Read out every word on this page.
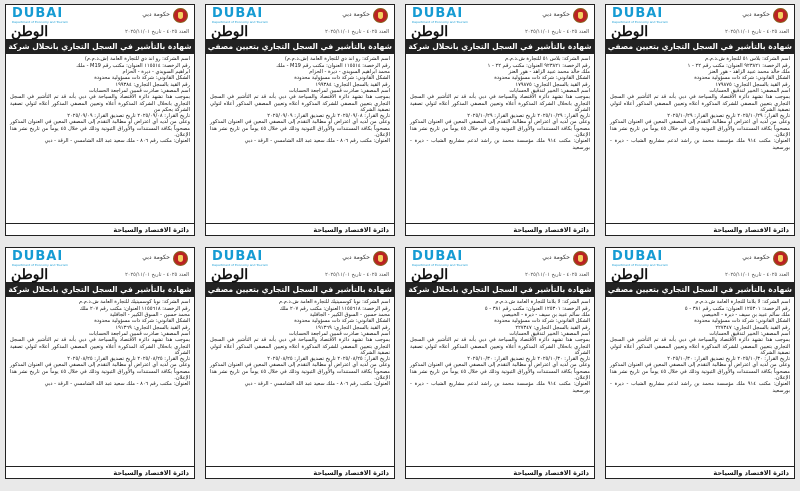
DUBAI
Department of Economy and Tourism
حكومة دبي
العدد ٤٠٢٥ - تاريخ ٢٠٢٥/١١/٠١
الوطن
شهادة بالتأشير في السجل التجاري بانحلال شركة

اسم الشركة: رو اند دي للتجارة العامة (ش.ذ.م.م)

رقم الرخصة: ١١٥٥١٤ العنوان: مكتب رقم M19 - ملك

ابراهيم السويدي - ديرة - الحزام

الشكل القانوني: شركة ذات مسؤولية محدودة

رقم القيد بالسجل التجاري: ١٩٩٣٨٤

اسم المصفي: صادرت قمبين لمراجعة الحسابات

بموجب هذا تشهد دائرة الاقتصاد والسياحة في دبي بأنه قد تم التأشير في السجل التجاري بانحلال الشركة المذكورة أعلاه وتعيين المصفي المذكور أعلاه لتولي تصفية الشركة بحكم من

تاريخ القرار: ٢٠٢٥/٠٩/٠٨ تاريخ تصديق القرار: ٢٠٢٥/٠٩/٠٩

وعلى من لديه أي اعتراض أو مطالبة التقدم إلى المصفي المعين في العنوان المذكور مصحوباً بكافة المستندات والأوراق الثبوتية وذلك في خلال ٤٥ يوماً من تاريخ نشر هذا الإعلان.

العنوان: مكتب رقم ٨٠٦ - ملك سعيد عبد الله الشامسي - الرقة - دبي

دائرة الاقتصاد والسياحة
DUBAI
Department of Economy and Tourism
حكومة دبي
العدد ٤٠٢٥ - تاريخ ٢٠٢٥/١١/٠١
الوطن
شهادة بالتأشير في السجل التجاري بتعيين مصفي

اسم الشركة: رو اند دي للتجارة العامة (ش.ذ.م.م)

رقم الرخصة: ١١٥٥١٤ العنوان: مكتب رقم M19 - ملك

محمد ابراهيم السويدي - ديرة - الحزام

الشكل القانوني: شركة ذات مسؤولية محدودة

رقم القيد بالسجل التجاري: ١٩٩٣٨٤

اسم المصفي: صادرت قمبين لمراجعة الحسابات

بموجب هذا تشهد دائرة الاقتصاد والسياحة في دبي بأنه قد تم التأشير في السجل التجاري بتعيين المصفي للشركة المذكورة أعلاه وتعيين المصفي المذكور أعلاه لتولي تصفية الشركة

تاريخ القرار: ٢٠٢٥/٠٩/٠٨ تاريخ تصديق القرار: ٢٠٢٥/٠٩/٠٩

وعلى من لديه أي اعتراض أو مطالبة التقدم إلى المصفي المعين في العنوان المذكور مصحوباً بكافة المستندات والأوراق الثبوتية وذلك في خلال ٤٥ يوماً من تاريخ نشر هذا الإعلان.

العنوان: مكتب رقم ٨٠٦ - ملك سعيد عبد الله الشامسي - الرقة - دبي

دائرة الاقتصاد والسياحة
DUBAI
Department of Economy and Tourism
حكومة دبي
العدد ٤٠٢٥ - تاريخ ٢٠٢٥/١١/٠١
الوطن
شهادة بالتأشير في السجل التجاري بانحلال شركة

اسم الشركة: بلاس ٥١ للتجارة ش.ذ.م.م

رقم الرخصة: ٩٢٣٨٢١ العنوان: مكتب رقم ٢٢ - ١

ملك خالد محمد عبيد الزاهد - هور العنز

الشكل القانوني: شركة ذات مسؤولية محدودة

رقم القيد بالسجل التجاري: ١٧٩٨٧٥

اسم المصفي: الخبير لتدقيق الحسابات

بموجب هذا تشهد دائرة الاقتصاد والسياحة في دبي بأنه قد تم التأشير في السجل التجاري بانحلال الشركة المذكورة أعلاه وتعيين المصفي المذكور أعلاه لتولي تصفية الشركة

تاريخ القرار: ٢٠٢٥/١٠/٢٩ تاريخ تصديق القرار: ٢٠٢٥/١٠/٢٩

وعلى من لديه أي اعتراض أو مطالبة التقدم إلى المصفي المعين في العنوان المذكور مصحوباً بكافة المستندات والأوراق الثبوتية وذلك في خلال ٤٥ يوماً من تاريخ نشر هذا الإعلان.

العنوان: مكتب ٩١٤ ملك مؤسسة محمد بن راشد لدعم مشاريع الشباب - ديرة - بورسعيد

دائرة الاقتصاد والسياحة
DUBAI
Department of Economy and Tourism
حكومة دبي
العدد ٤٠٢٥ - تاريخ ٢٠٢٥/١١/٠١
الوطن
شهادة بالتأشير في السجل التجاري بتعيين مصفي

اسم الشركة: بلاس ٥١ للتجارة ش.ذ.م.م

رقم الرخصة: ٩٢٣٨٢١ العنوان: مكتب رقم ٢٢ - ١

ملك خالد محمد عبيد الزاهد - هور العنز

الشكل القانوني: شركة ذات مسؤولية محدودة

رقم القيد بالسجل التجاري: ١٧٩٨٧٥

اسم المصفي: الخبير لتدقيق الحسابات

بموجب هذا تشهد دائرة الاقتصاد والسياحة في دبي بأنه قد تم التأشير في السجل التجاري بتعيين المصفي للشركة المذكورة أعلاه وتعيين المصفي المذكور أعلاه لتولي تصفية الشركة

تاريخ القرار: ٢٠٢٥/١٠/٢٩ تاريخ تصديق القرار: ٢٠٢٥/١٠/٢٩

وعلى من لديه أي اعتراض أو مطالبة التقدم إلى المصفي المعين في العنوان المذكور مصحوباً بكافة المستندات والأوراق الثبوتية وذلك في خلال ٤٥ يوماً من تاريخ نشر هذا الإعلان.

العنوان: مكتب ٩١٤ ملك مؤسسة محمد بن راشد لدعم مشاريع الشباب - ديرة - بورسعيد

دائرة الاقتصاد والسياحة
DUBAI
Department of Economy and Tourism
حكومة دبي
العدد ٤٠٢٥ - تاريخ ٢٠٢٥/١١/٠١
الوطن
شهادة بالتأشير في السجل التجاري بانحلال شركة

اسم الشركة: نوبا كوسميتيك للتجارة العامة ش.ذ.م.م

رقم الرخصة: ١١٥٥٦١٨ العنوان: مكتب رقم ٢٠٧ ملك

محمد حسين - السوق الكبير - الجافلية

الشكل القانوني: شركة ذات مسؤولية محدودة

رقم القيد بالسجل التجاري: ١٩١٣٦٩

اسم المصفي: صادرت قمبين لمراجعة الحسابات

بموجب هذا تشهد دائرة الاقتصاد والسياحة في دبي بأنه قد تم التأشير في السجل التجاري بانحلال الشركة المذكورة أعلاه وتعيين المصفي المذكور أعلاه لتولي تصفية الشركة

تاريخ القرار: ٢٠٢٥/٠٨/٢٥ تاريخ تصديق القرار: ٢٠٢٥/٠٨/٢٥

وعلى من لديه أي اعتراض أو مطالبة التقدم إلى المصفي المعين في العنوان المذكور مصحوباً بكافة المستندات والأوراق الثبوتية وذلك في خلال ٤٥ يوماً من تاريخ نشر هذا الإعلان.

العنوان: مكتب رقم ٨٠٦ - ملك سعيد عبد الله الشامسي - الرقة - دبي

دائرة الاقتصاد والسياحة
DUBAI
Department of Economy and Tourism
حكومة دبي
العدد ٤٠٢٥ - تاريخ ٢٠٢٥/١١/٠١
الوطن
شهادة بالتأشير في السجل التجاري بتعيين مصفي

اسم الشركة: نوبا كوسميتيك للتجارة العامة ش.ذ.م.م

رقم الرخصة: ١١٥٥٦١٨ العنوان: مكتب رقم ٢٠٧ ملك

محمد حسين - السوق الكبير - الجافلية

الشكل القانوني: شركة ذات مسؤولية محدودة

رقم القيد بالسجل التجاري: ١٩١٣٦٩

اسم المصفي: صادرت قمبين لمراجعة الحسابات

بموجب هذا تشهد دائرة الاقتصاد والسياحة في دبي بأنه قد تم التأشير في السجل التجاري بتعيين المصفي للشركة المذكورة أعلاه وتعيين المصفي المذكور أعلاه لتولي تصفية الشركة

تاريخ القرار: ٢٠٢٥/٠٨/٢٥ تاريخ تصديق القرار: ٢٠٢٥/٠٨/٢٥

وعلى من لديه أي اعتراض أو مطالبة التقدم إلى المصفي المعين في العنوان المذكور مصحوباً بكافة المستندات والأوراق الثبوتية وذلك في خلال ٤٥ يوماً من تاريخ نشر هذا الإعلان.

العنوان: مكتب رقم ٨٠٦ - ملك سعيد عبد الله الشامسي - الرقة - دبي

دائرة الاقتصاد والسياحة
DUBAI
Department of Economy and Tourism
حكومة دبي
العدد ٤٠٢٥ - تاريخ ٢٠٢٥/١١/٠١
الوطن
شهادة بالتأشير في السجل التجاري بانحلال شركة

اسم الشركة: لا بلانتا للتجارة العامة ش.ذ.م.م

رقم الرخصة: ١٢٥٣٠١ العنوان: مكتب رقم ٣٨١ - ٥

ملك سالم عبيد بن سيف - ديرة - الخبيصي

الشكل القانوني: شركة ذات مسؤولية محدودة

رقم القيد بالسجل التجاري: ٢٢٧٣٤٧

اسم المصفي: الخبير لتدقيق الحسابات

بموجب هذا تشهد دائرة الاقتصاد والسياحة في دبي بأنه قد تم التأشير في السجل التجاري بانحلال الشركة المذكورة أعلاه وتعيين المصفي المذكور أعلاه لتولي تصفية الشركة

تاريخ القرار: ٢٠٢٥/١٠/٣٠ تاريخ تصديق القرار: ٢٠٢٥/١٠/٣٠

وعلى من لديه أي اعتراض أو مطالبة التقدم إلى المصفي المعين في العنوان المذكور مصحوباً بكافة المستندات والأوراق الثبوتية وذلك في خلال ٤٥ يوماً من تاريخ نشر هذا الإعلان.

العنوان: مكتب ٩١٤ ملك مؤسسة محمد بن راشد لدعم مشاريع الشباب - ديرة - بورسعيد

دائرة الاقتصاد والسياحة
DUBAI
Department of Economy and Tourism
حكومة دبي
العدد ٤٠٢٥ - تاريخ ٢٠٢٥/١١/٠١
الوطن
شهادة بالتأشير في السجل التجاري بتعيين مصفي

اسم الشركة: لا بلانتا للتجارة العامة ش.ذ.م.م

رقم الرخصة: ١٢٥٣٠١ العنوان: مكتب رقم ٣٨١ - ٥

ملك سالم عبيد بن سيف - ديرة - الخبيصي

الشكل القانوني: شركة ذات مسؤولية محدودة

رقم القيد بالسجل التجاري: ٢٢٧٣٤٧

اسم المصفي: الخبير لتدقيق الحسابات

بموجب هذا تشهد دائرة الاقتصاد والسياحة في دبي بأنه قد تم التأشير في السجل التجاري بتعيين المصفي للشركة المذكورة أعلاه وتعيين المصفي المذكور أعلاه لتولي تصفية الشركة

تاريخ القرار: ٢٠٢٥/١٠/٣٠ تاريخ تصديق القرار: ٢٠٢٥/١٠/٣٠

وعلى من لديه أي اعتراض أو مطالبة التقدم إلى المصفي المعين في العنوان المذكور مصحوباً بكافة المستندات والأوراق الثبوتية وذلك في خلال ٤٥ يوماً من تاريخ نشر هذا الإعلان.

العنوان: مكتب ٩١٤ ملك مؤسسة محمد بن راشد لدعم مشاريع الشباب - ديرة - بورسعيد

دائرة الاقتصاد والسياحة
